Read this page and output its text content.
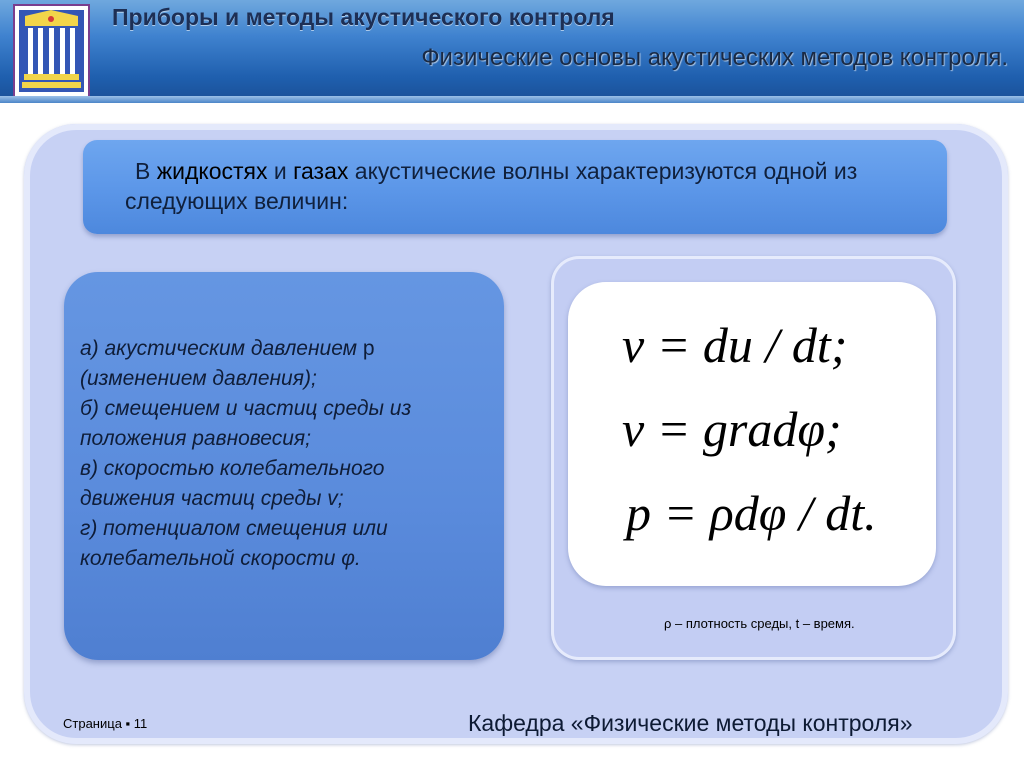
Приборы и методы акустического контроля
Физические основы акустических методов контроля.
В жидкостях и газах акустические волны характеризуются одной из следующих величин:
а) акустическим давлением p
(изменением давления);
б) смещением u частиц среды из
положения равновесия;
в) скоростью колебательного
движения частиц среды v;
г) потенциалом смещения или
колебательной скорости φ.
v = du / dt;
v = gradφ;
p = ρdφ / dt.
ρ – плотность среды, t – время.
Страница ▪ 11	Кафедра «Физические методы контроля»
